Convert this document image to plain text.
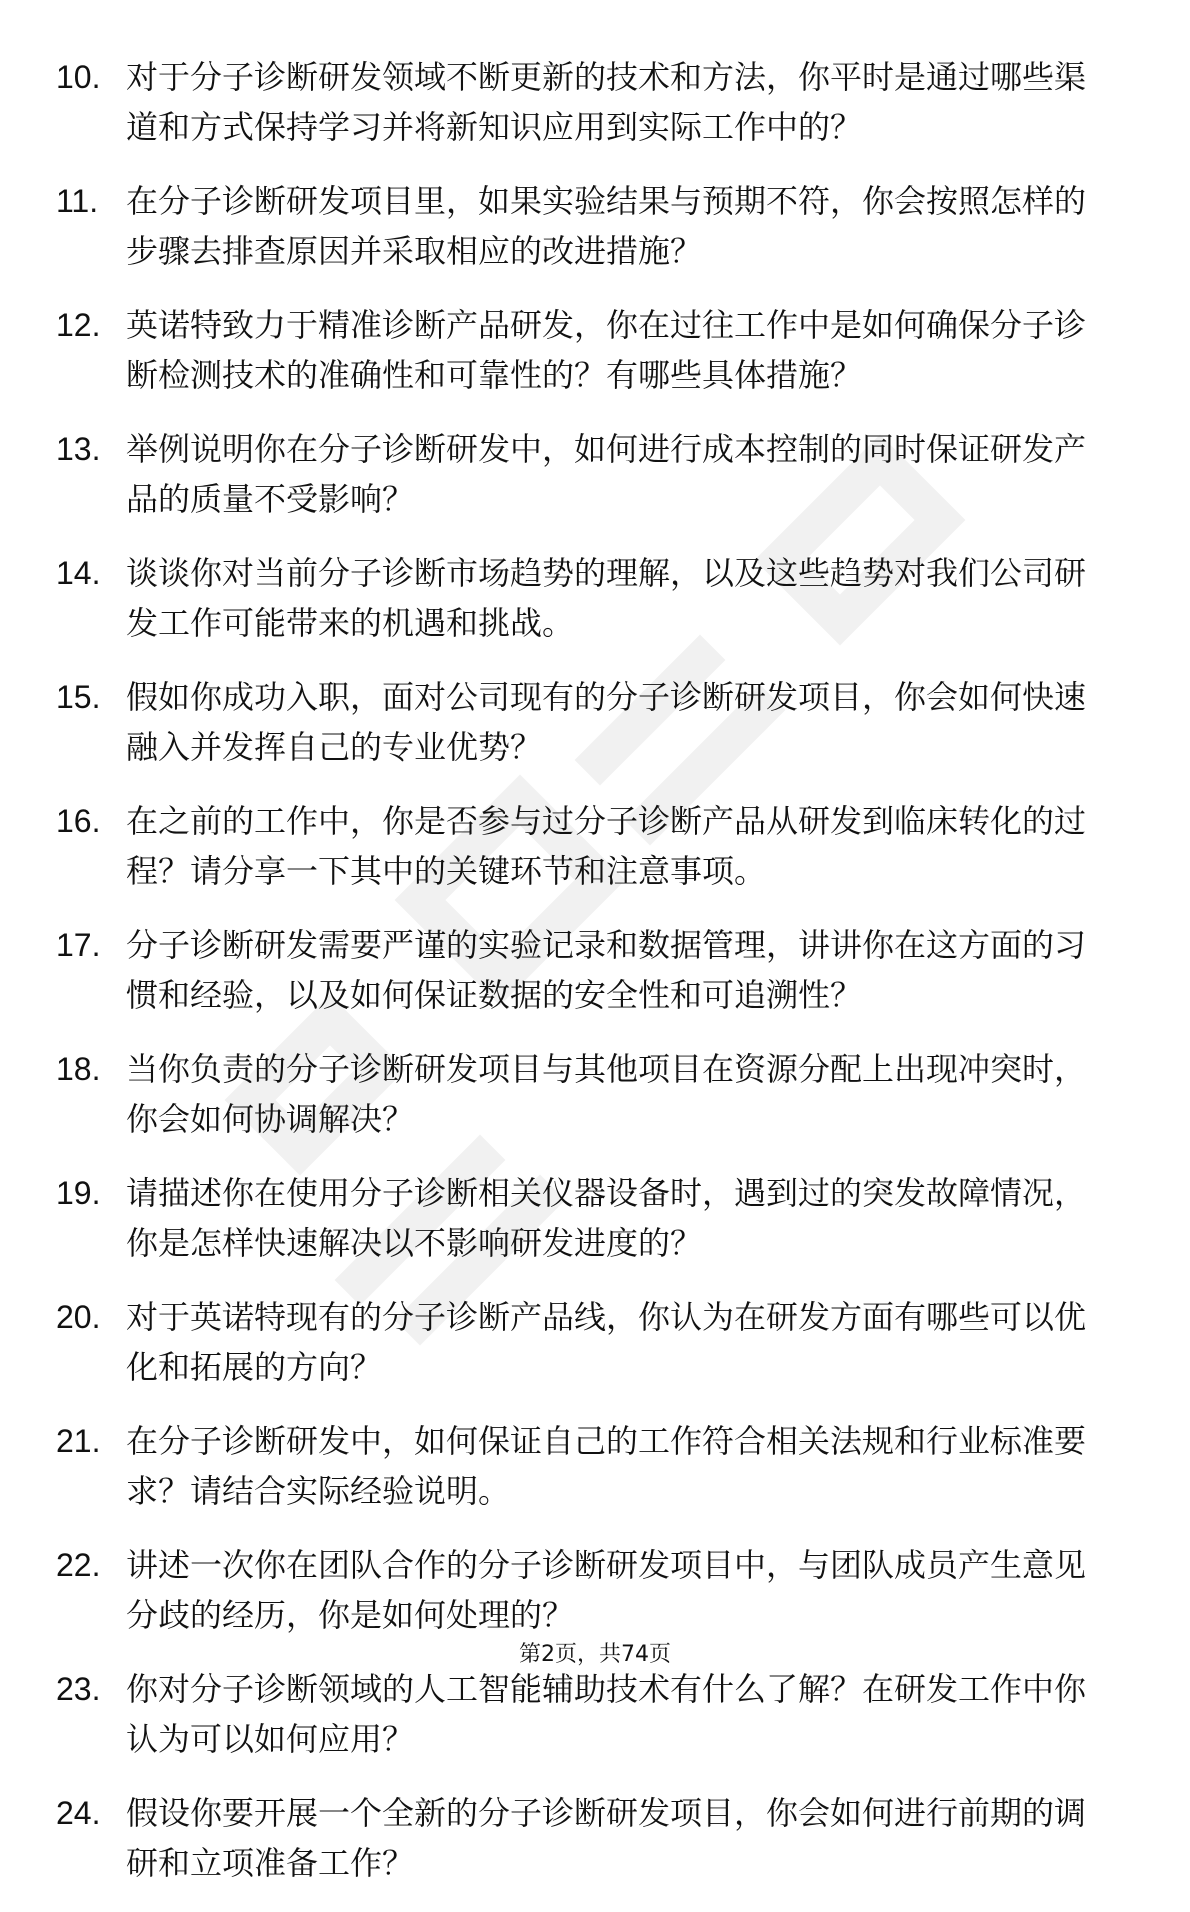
10. 对于分子诊断研发领域不断更新的技术和方法，你平时是通过哪些渠道和方式保持学习并将新知识应用到实际工作中的？
11. 在分子诊断研发项目里，如果实验结果与预期不符，你会按照怎样的步骤去排查原因并采取相应的改进措施？
12. 英诺特致力于精准诊断产品研发，你在过往工作中是如何确保分子诊断检测技术的准确性和可靠性的？有哪些具体措施？
13. 举例说明你在分子诊断研发中，如何进行成本控制的同时保证研发产品的质量不受影响？
14. 谈谈你对当前分子诊断市场趋势的理解，以及这些趋势对我们公司研发工作可能带来的机遇和挑战。
15. 假如你成功入职，面对公司现有的分子诊断研发项目，你会如何快速融入并发挥自己的专业优势？
16. 在之前的工作中，你是否参与过分子诊断产品从研发到临床转化的过程？请分享一下其中的关键环节和注意事项。
17. 分子诊断研发需要严谨的实验记录和数据管理，讲讲你在这方面的习惯和经验，以及如何保证数据的安全性和可追溯性？
18. 当你负责的分子诊断研发项目与其他项目在资源分配上出现冲突时，你会如何协调解决？
19. 请描述你在使用分子诊断相关仪器设备时，遇到过的突发故障情况，你是怎样快速解决以不影响研发进度的？
20. 对于英诺特现有的分子诊断产品线，你认为在研发方面有哪些可以优化和拓展的方向？
21. 在分子诊断研发中，如何保证自己的工作符合相关法规和行业标准要求？请结合实际经验说明。
22. 讲述一次你在团队合作的分子诊断研发项目中，与团队成员产生意见分歧的经历，你是如何处理的？
23. 你对分子诊断领域的人工智能辅助技术有什么了解？在研发工作中你认为可以如何应用？
24. 假设你要开展一个全新的分子诊断研发项目，你会如何进行前期的调研和立项准备工作？
第2页，共74页
